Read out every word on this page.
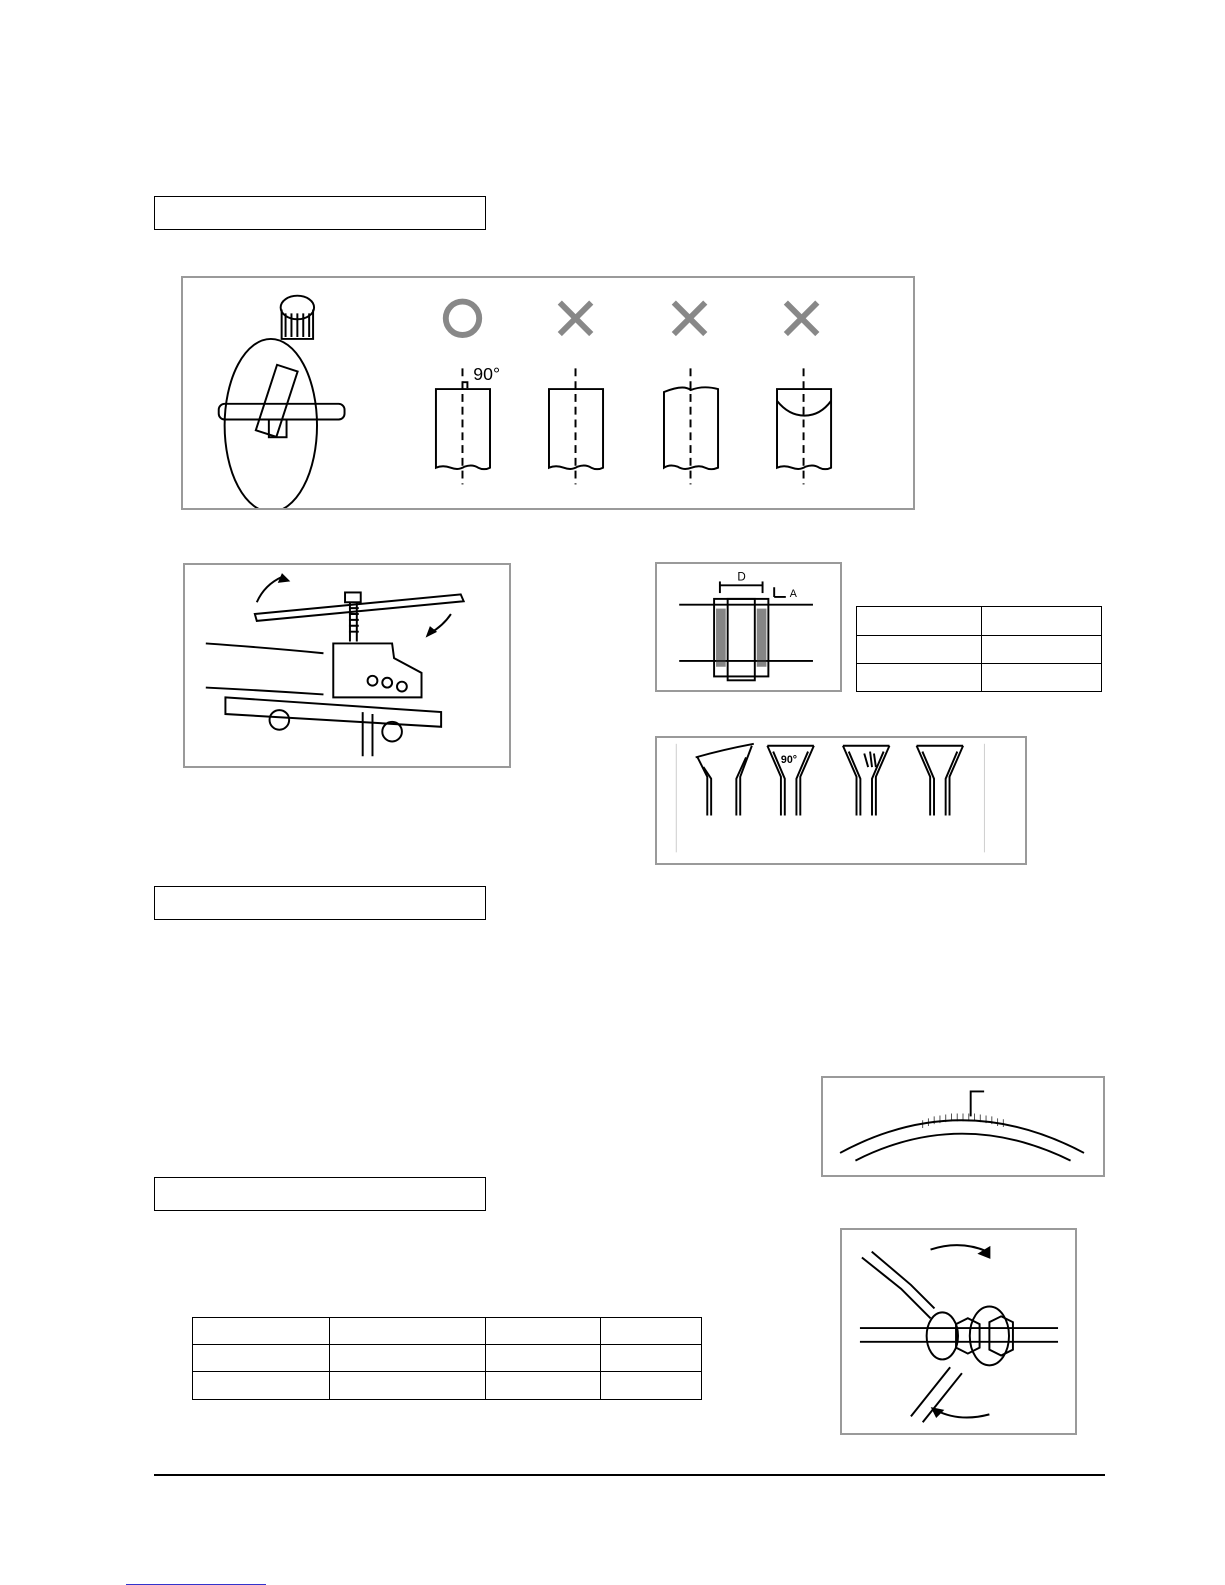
90°
D
A

90°
